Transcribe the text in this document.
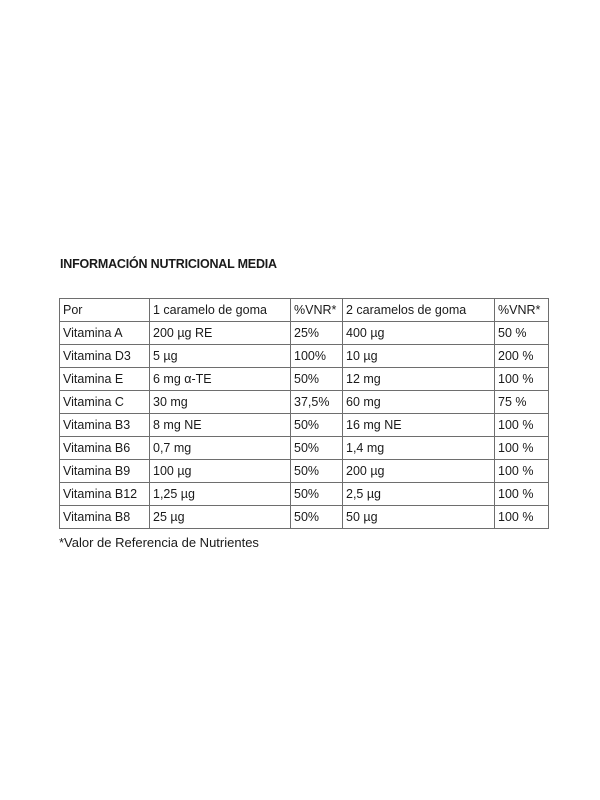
INFORMACIÓN NUTRICIONAL MEDIA
Por	1 caramelo de goma	%VNR*	2 caramelos de goma	%VNR*
Vitamina A	200 µg RE	25%	400 µg	50 %
Vitamina D3	5 µg	100%	10 µg	200 %
Vitamina E	6 mg α-TE	50%	12 mg	100 %
Vitamina C	30 mg	37,5%	60 mg	75 %
Vitamina B3	8 mg NE	50%	16 mg NE	100 %
Vitamina B6	0,7 mg	50%	1,4 mg	100 %
Vitamina B9	100 µg	50%	200 µg	100 %
Vitamina B12	1,25 µg	50%	2,5 µg	100 %
Vitamina B8	25 µg	50%	50 µg	100 %
*Valor de Referencia de Nutrientes
